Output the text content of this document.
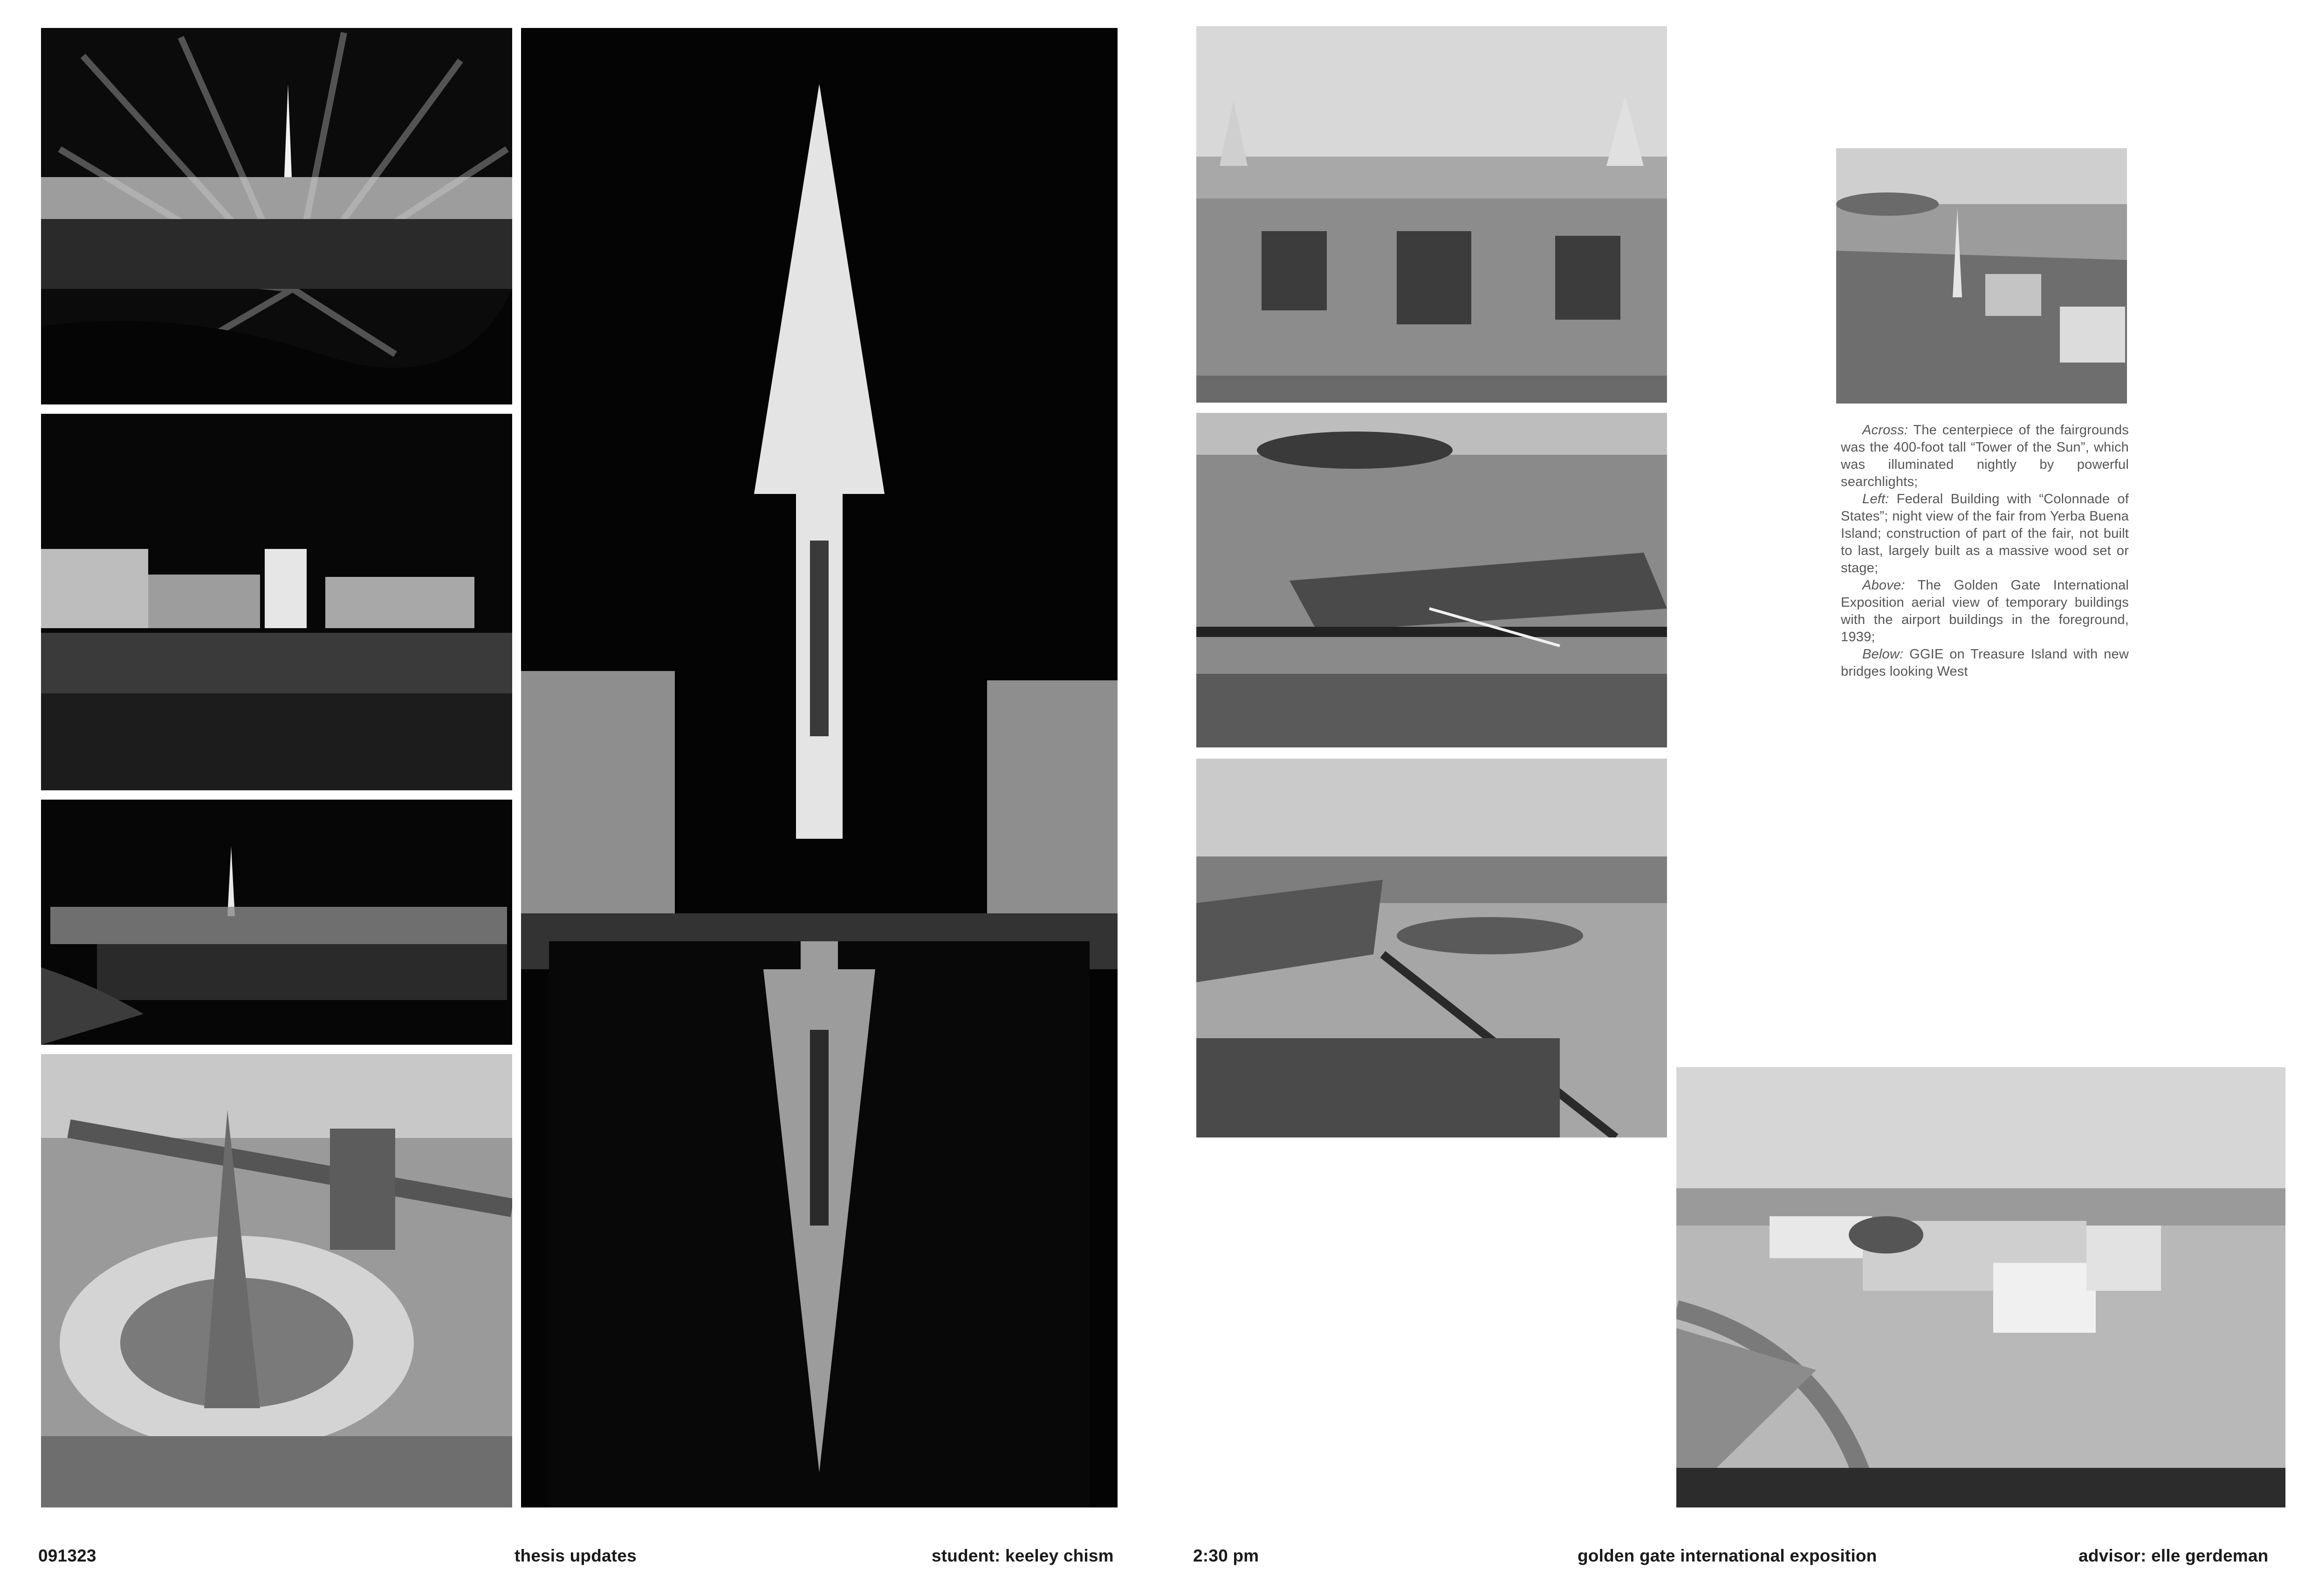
Across: The centerpiece of the fairgrounds was the 400-foot tall “Tower of the Sun”, which was illuminated nightly by powerful searchlights;

Left: Federal Building with “Colonnade of States”; night view of the fair from Yerba Buena Island; construction of part of the fair, not built to last, largely built as a massive wood set or stage;

Above: The Golden Gate International Exposition aerial view of temporary buildings with the airport buildings in the foreground, 1939;

Below: GGIE on Treasure Island with new bridges looking West

091323	thesis updates	student: keeley chism	2:30 pm	golden gate international exposition	advisor: elle gerdeman
